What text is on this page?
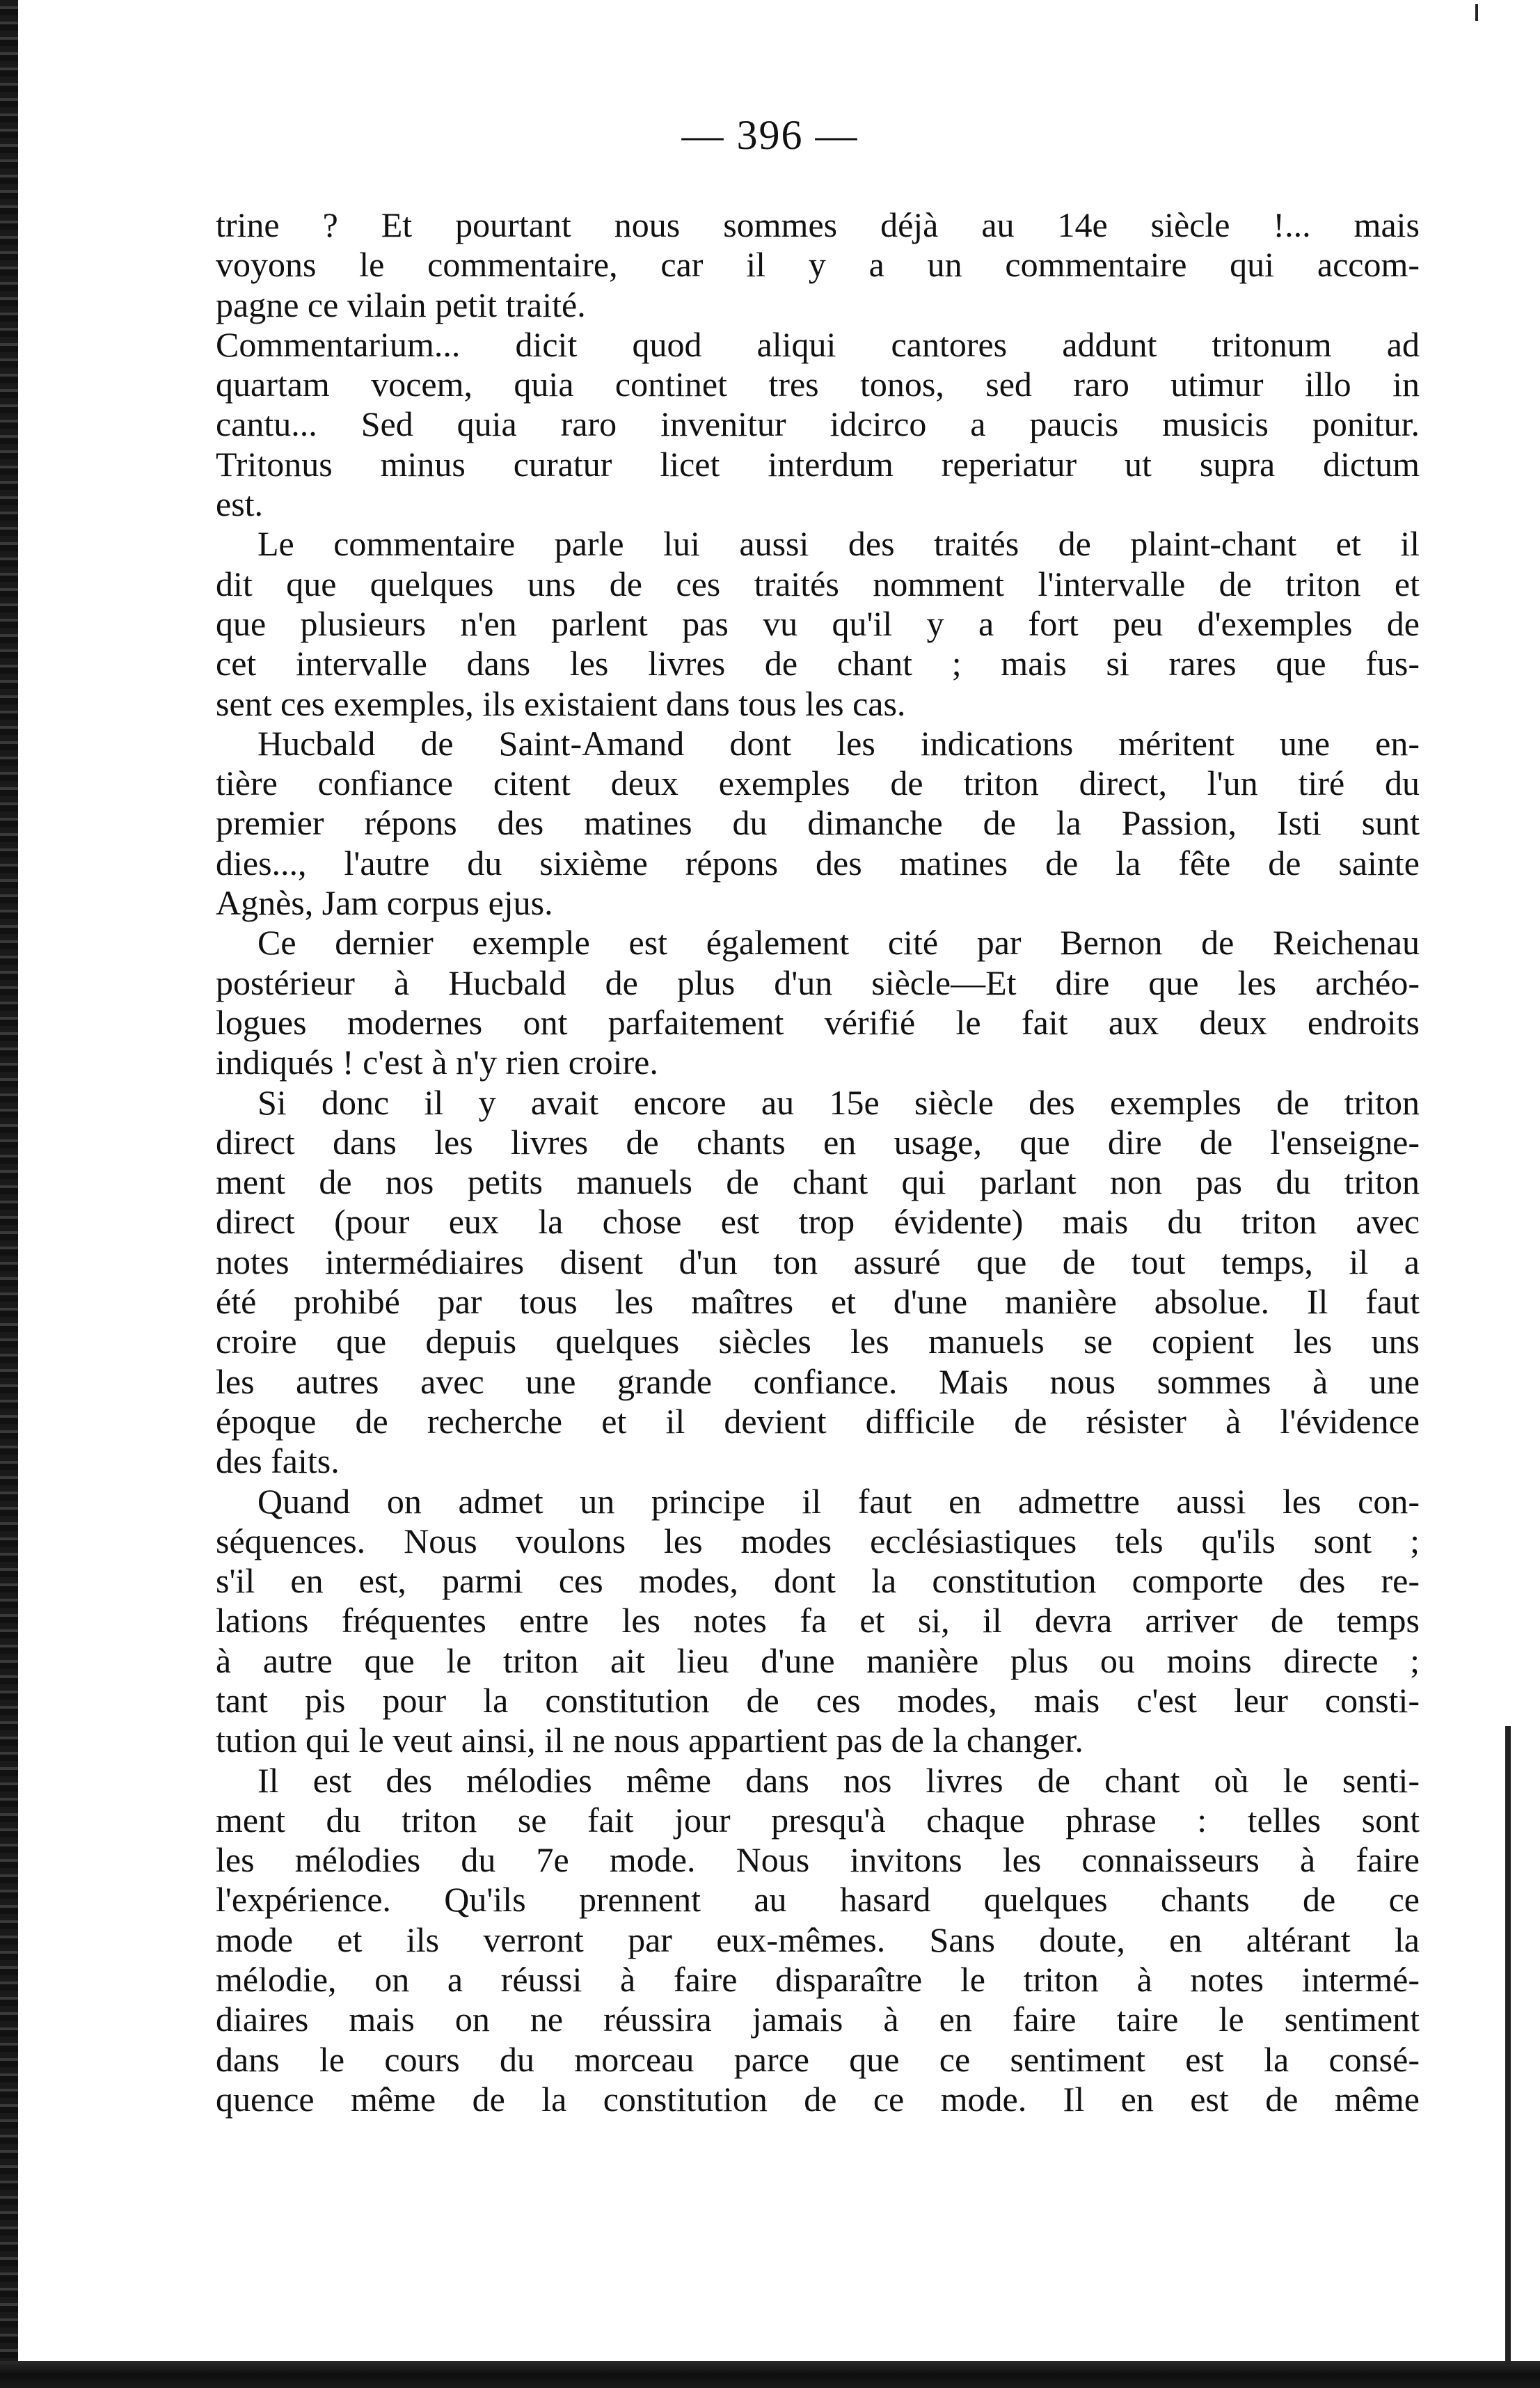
— 396 —
trine ? Et pourtant nous sommes déjà au 14e siècle !... mais
voyons le commentaire, car il y a un commentaire qui accom-
pagne ce vilain petit traité.
Commentarium... dicit quod aliqui cantores addunt tritonum ad
quartam vocem, quia continet tres tonos, sed raro utimur illo in
cantu... Sed quia raro invenitur idcirco a paucis musicis ponitur.
Tritonus minus curatur licet interdum reperiatur ut supra dictum
est.
Le commentaire parle lui aussi des traités de plaint-chant et il
dit que quelques uns de ces traités nomment l'intervalle de triton et
que plusieurs n'en parlent pas vu qu'il y a fort peu d'exemples de
cet intervalle dans les livres de chant ; mais si rares que fus-
sent ces exemples, ils existaient dans tous les cas.
Hucbald de Saint-Amand dont les indications méritent une en-
tière confiance citent deux exemples de triton direct, l'un tiré du
premier répons des matines du dimanche de la Passion, Isti sunt
dies..., l'autre du sixième répons des matines de la fête de sainte
Agnès, Jam corpus ejus.
Ce dernier exemple est également cité par Bernon de Reichenau
postérieur à Hucbald de plus d'un siècle—Et dire que les archéo-
logues modernes ont parfaitement vérifié le fait aux deux endroits
indiqués ! c'est à n'y rien croire.
Si donc il y avait encore au 15e siècle des exemples de triton
direct dans les livres de chants en usage, que dire de l'enseigne-
ment de nos petits manuels de chant qui parlant non pas du triton
direct (pour eux la chose est trop évidente) mais du triton avec
notes intermédiaires disent d'un ton assuré que de tout temps, il a
été prohibé par tous les maîtres et d'une manière absolue. Il faut
croire que depuis quelques siècles les manuels se copient les uns
les autres avec une grande confiance. Mais nous sommes à une
époque de recherche et il devient difficile de résister à l'évidence
des faits.
Quand on admet un principe il faut en admettre aussi les con-
séquences. Nous voulons les modes ecclésiastiques tels qu'ils sont ;
s'il en est, parmi ces modes, dont la constitution comporte des re-
lations fréquentes entre les notes fa et si, il devra arriver de temps
à autre que le triton ait lieu d'une manière plus ou moins directe ;
tant pis pour la constitution de ces modes, mais c'est leur consti-
tution qui le veut ainsi, il ne nous appartient pas de la changer.
Il est des mélodies même dans nos livres de chant où le senti-
ment du triton se fait jour presqu'à chaque phrase : telles sont
les mélodies du 7e mode. Nous invitons les connaisseurs à faire
l'expérience. Qu'ils prennent au hasard quelques chants de ce
mode et ils verront par eux-mêmes. Sans doute, en altérant la
mélodie, on a réussi à faire disparaître le triton à notes intermé-
diaires mais on ne réussira jamais à en faire taire le sentiment
dans le cours du morceau parce que ce sentiment est la consé-
quence même de la constitution de ce mode. Il en est de même
